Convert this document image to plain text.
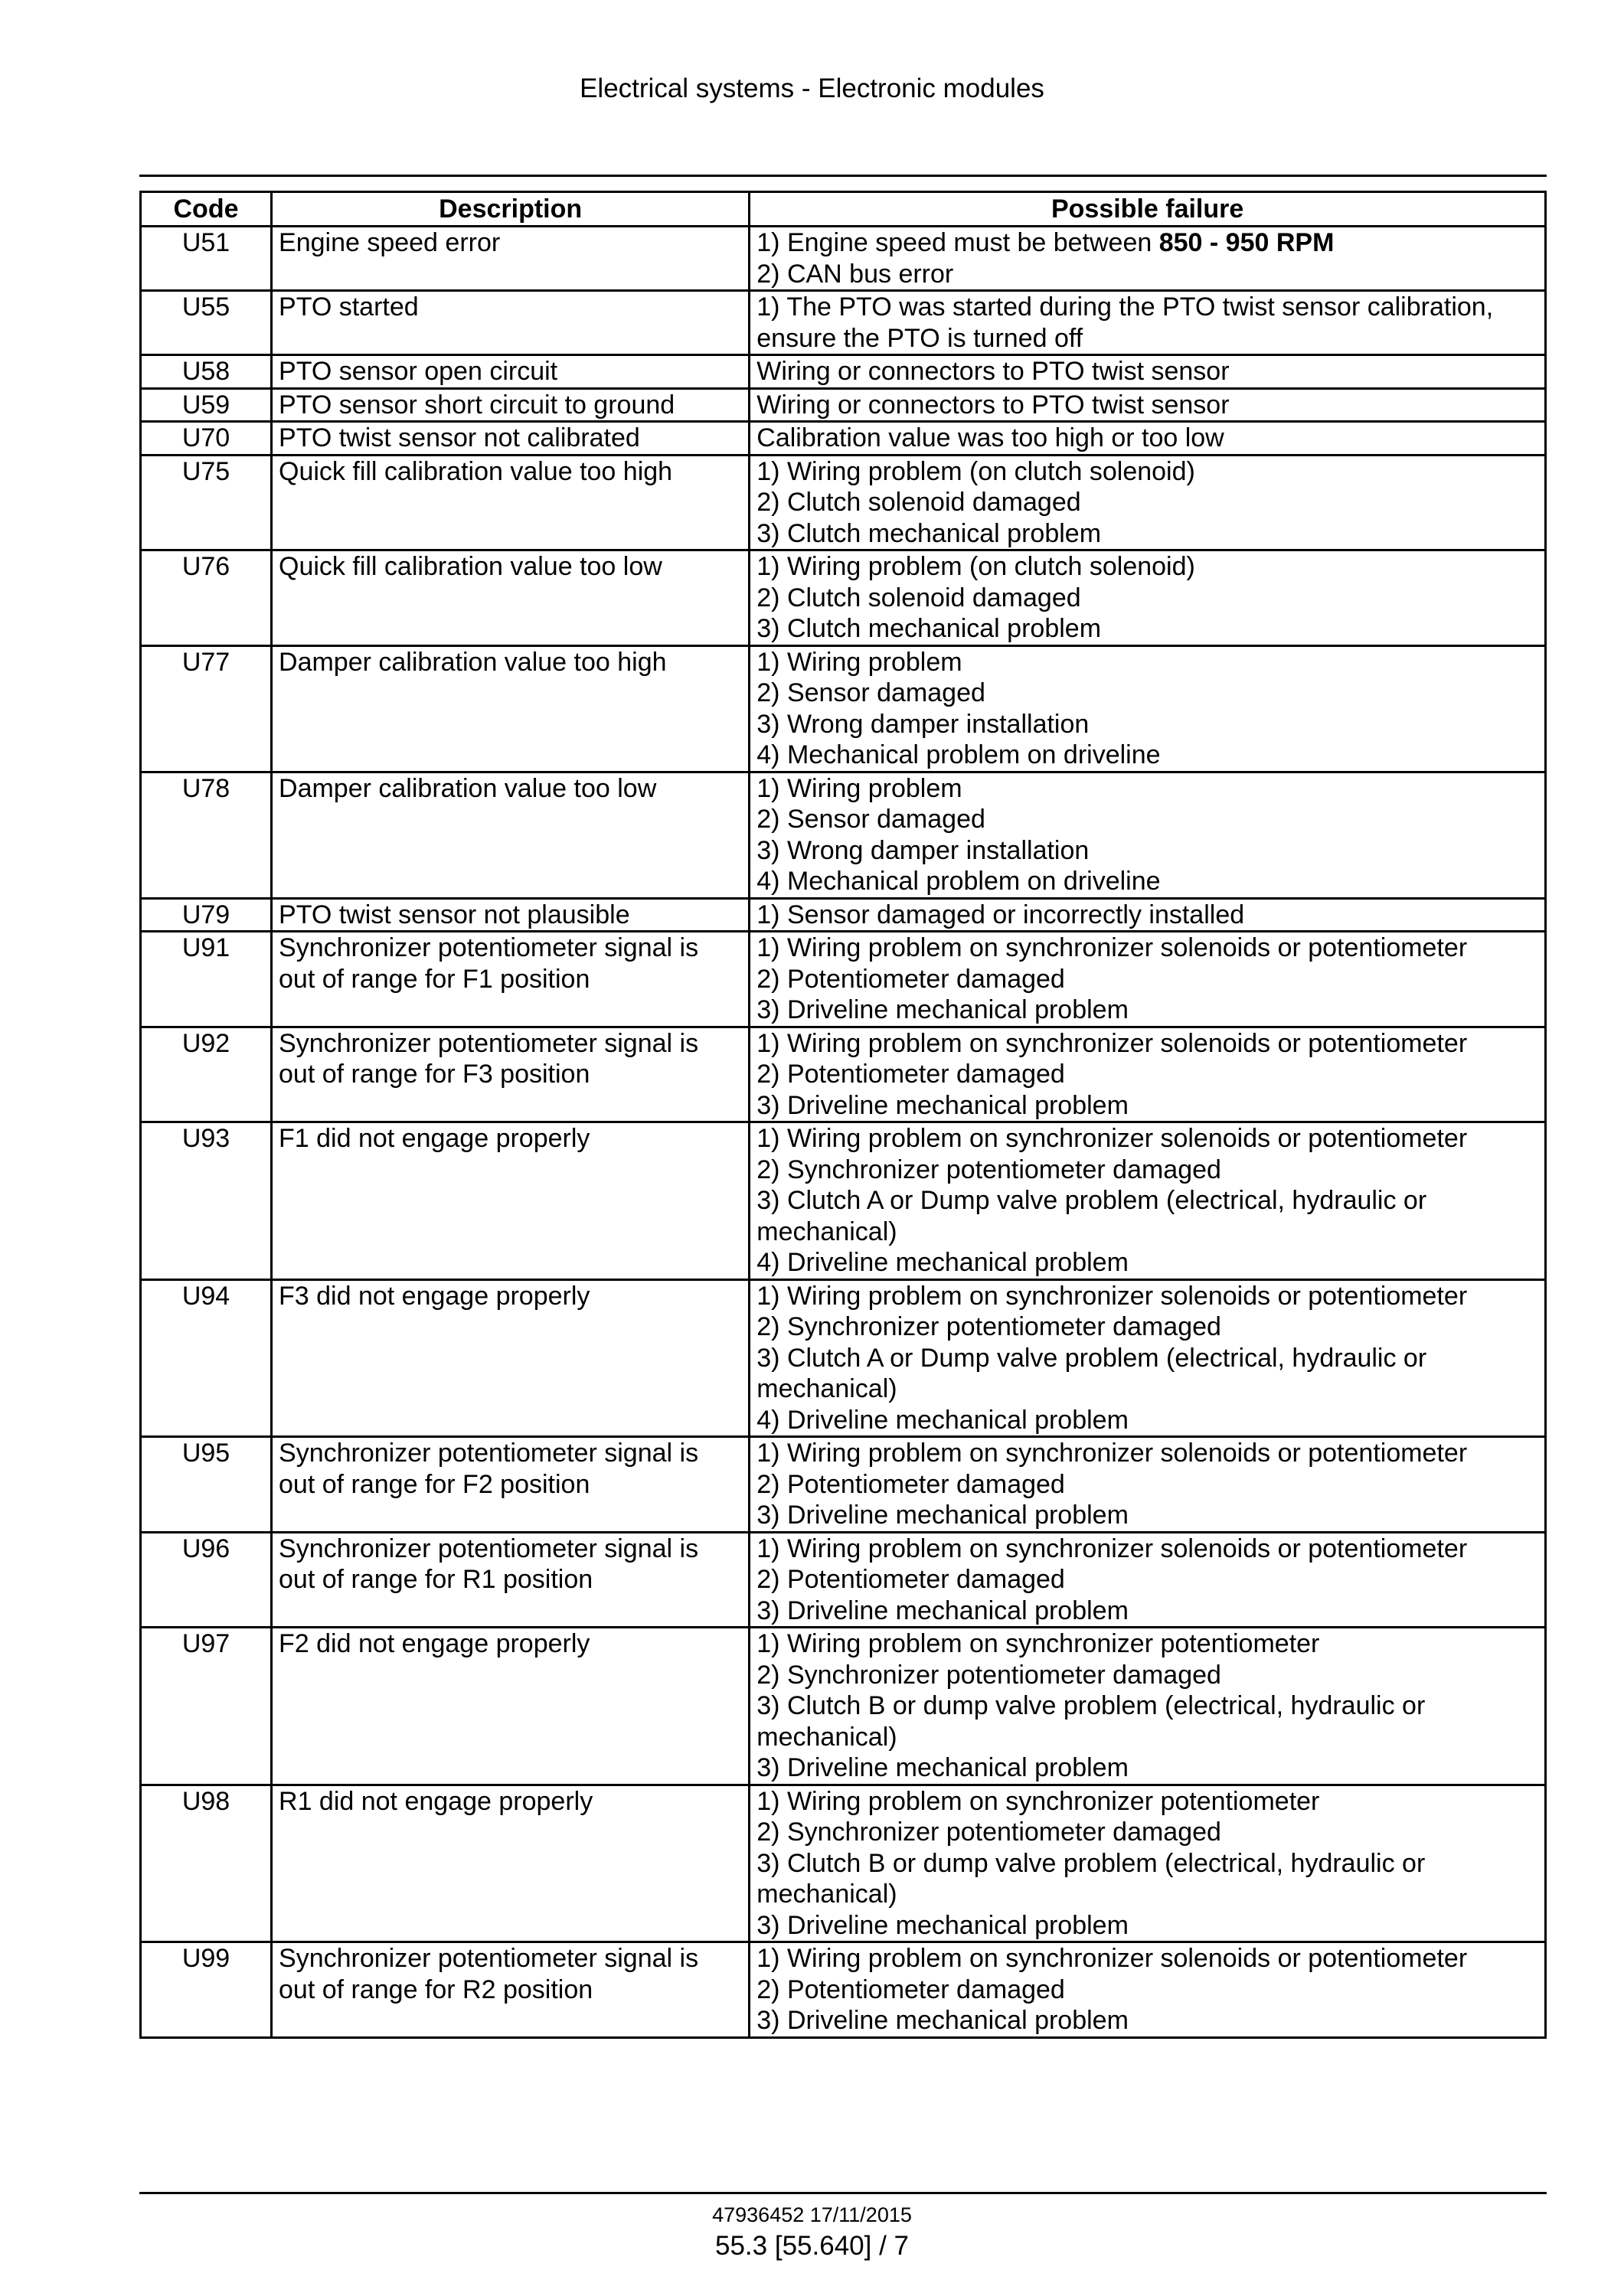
Electrical systems - Electronic modules
Code	Description	Possible failure
U51	Engine speed error	1) Engine speed must be between 850 - 950 RPM
2) CAN bus error

U55	PTO started	1) The PTO was started during the PTO twist sensor calibration,
ensure the PTO is turned off

U58	PTO sensor open circuit	Wiring or connectors to PTO twist sensor

U59	PTO sensor short circuit to ground	Wiring or connectors to PTO twist sensor

U70	PTO twist sensor not calibrated	Calibration value was too high or too low

U75	Quick fill calibration value too high	1) Wiring problem (on clutch solenoid)
2) Clutch solenoid damaged
3) Clutch mechanical problem

U76	Quick fill calibration value too low	1) Wiring problem (on clutch solenoid)
2) Clutch solenoid damaged
3) Clutch mechanical problem

U77	Damper calibration value too high	1) Wiring problem
2) Sensor damaged
3) Wrong damper installation
4) Mechanical problem on driveline

U78	Damper calibration value too low	1) Wiring problem
2) Sensor damaged
3) Wrong damper installation
4) Mechanical problem on driveline

U79	PTO twist sensor not plausible	1) Sensor damaged or incorrectly installed

U91	Synchronizer potentiometer signal is
out of range for F1 position	1) Wiring problem on synchronizer solenoids or potentiometer
2) Potentiometer damaged
3) Driveline mechanical problem

U92	Synchronizer potentiometer signal is
out of range for F3 position	1) Wiring problem on synchronizer solenoids or potentiometer
2) Potentiometer damaged
3) Driveline mechanical problem

U93	F1 did not engage properly	1) Wiring problem on synchronizer solenoids or potentiometer
2) Synchronizer potentiometer damaged
3) Clutch A or Dump valve problem (electrical, hydraulic or
mechanical)
4) Driveline mechanical problem

U94	F3 did not engage properly	1) Wiring problem on synchronizer solenoids or potentiometer
2) Synchronizer potentiometer damaged
3) Clutch A or Dump valve problem (electrical, hydraulic or
mechanical)
4) Driveline mechanical problem

U95	Synchronizer potentiometer signal is
out of range for F2 position	1) Wiring problem on synchronizer solenoids or potentiometer
2) Potentiometer damaged
3) Driveline mechanical problem

U96	Synchronizer potentiometer signal is
out of range for R1 position	1) Wiring problem on synchronizer solenoids or potentiometer
2) Potentiometer damaged
3) Driveline mechanical problem

U97	F2 did not engage properly	1) Wiring problem on synchronizer potentiometer
2) Synchronizer potentiometer damaged
3) Clutch B or dump valve problem (electrical, hydraulic or
mechanical)
3) Driveline mechanical problem

U98	R1 did not engage properly	1) Wiring problem on synchronizer potentiometer
2) Synchronizer potentiometer damaged
3) Clutch B or dump valve problem (electrical, hydraulic or
mechanical)
3) Driveline mechanical problem

U99	Synchronizer potentiometer signal is
out of range for R2 position	1) Wiring problem on synchronizer solenoids or potentiometer
2) Potentiometer damaged
3) Driveline mechanical problem
47936452 17/11/2015
55.3 [55.640] / 7
